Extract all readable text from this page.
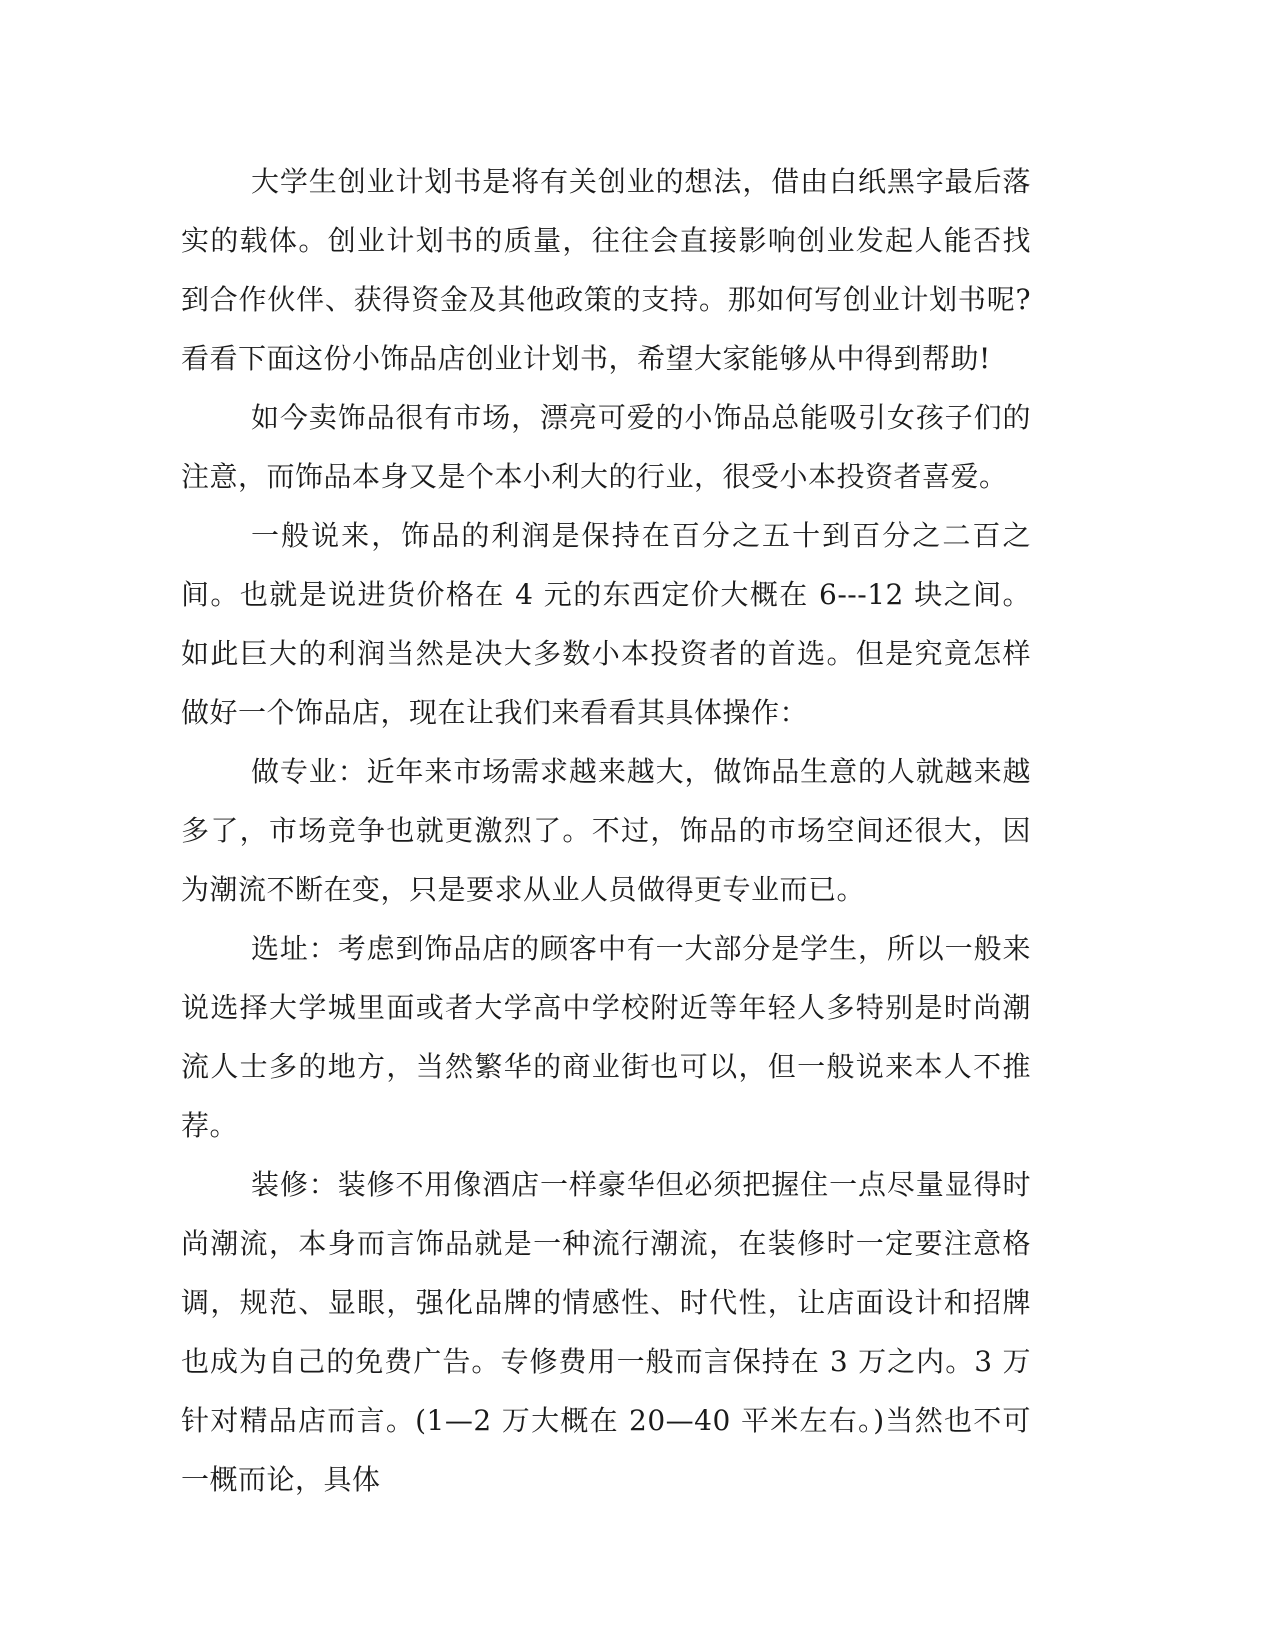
大学生创业计划书是将有关创业的想法，借由白纸黑字最后落实的载体。创业计划书的质量，往往会直接影响创业发起人能否找到合作伙伴、获得资金及其他政策的支持。那如何写创业计划书呢?看看下面这份小饰品店创业计划书，希望大家能够从中得到帮助!

如今卖饰品很有市场，漂亮可爱的小饰品总能吸引女孩子们的注意，而饰品本身又是个本小利大的行业，很受小本投资者喜爱。

一般说来，饰品的利润是保持在百分之五十到百分之二百之间。也就是说进货价格在 4 元的东西定价大概在 6---12 块之间。如此巨大的利润当然是决大多数小本投资者的首选。但是究竟怎样做好一个饰品店，现在让我们来看看其具体操作：

做专业：近年来市场需求越来越大，做饰品生意的人就越来越多了，市场竞争也就更激烈了。不过，饰品的市场空间还很大，因为潮流不断在变，只是要求从业人员做得更专业而已。

选址：考虑到饰品店的顾客中有一大部分是学生，所以一般来说选择大学城里面或者大学高中学校附近等年轻人多特别是时尚潮流人士多的地方，当然繁华的商业街也可以，但一般说来本人不推荐。

装修：装修不用像酒店一样豪华但必须把握住一点尽量显得时尚潮流，本身而言饰品就是一种流行潮流，在装修时一定要注意格调，规范、显眼，强化品牌的情感性、时代性，让店面设计和招牌也成为自己的免费广告。专修费用一般而言保持在 3 万之内。3 万针对精品店而言。(1—2 万大概在 20—40 平米左右。)当然也不可一概而论，具体
